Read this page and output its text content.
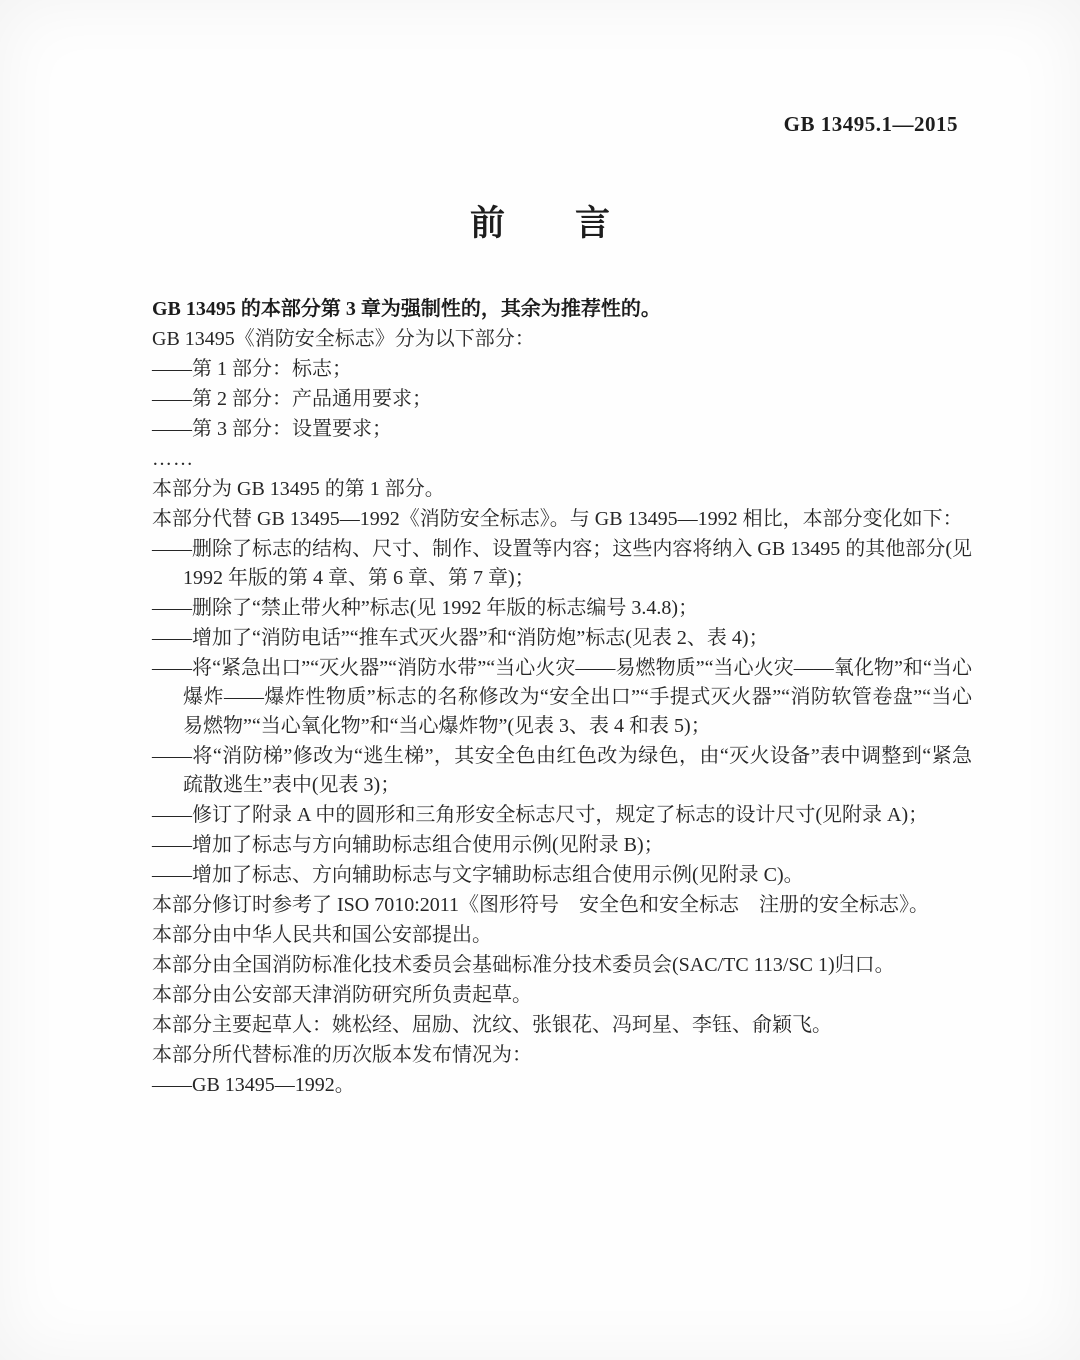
GB 13495.1—2015
前　　言

GB 13495 的本部分第 3 章为强制性的，其余为推荐性的。

GB 13495《消防安全标志》分为以下部分：

——第 1 部分：标志；

——第 2 部分：产品通用要求；

——第 3 部分：设置要求；

……

本部分为 GB 13495 的第 1 部分。

本部分代替 GB 13495—1992《消防安全标志》。与 GB 13495—1992 相比，本部分变化如下：

——删除了标志的结构、尺寸、制作、设置等内容；这些内容将纳入 GB 13495 的其他部分(见 1992 年版的第 4 章、第 6 章、第 7 章)；

——删除了“禁止带火种”标志(见 1992 年版的标志编号 3.4.8)；

——增加了“消防电话”“推车式灭火器”和“消防炮”标志(见表 2、表 4)；

——将“紧急出口”“灭火器”“消防水带”“当心火灾——易燃物质”“当心火灾——氧化物”和“当心爆炸——爆炸性物质”标志的名称修改为“安全出口”“手提式灭火器”“消防软管卷盘”“当心易燃物”“当心氧化物”和“当心爆炸物”(见表 3、表 4 和表 5)；

——将“消防梯”修改为“逃生梯”，其安全色由红色改为绿色，由“灭火设备”表中调整到“紧急疏散逃生”表中(见表 3)；

——修订了附录 A 中的圆形和三角形安全标志尺寸，规定了标志的设计尺寸(见附录 A)；

——增加了标志与方向辅助标志组合使用示例(见附录 B)；

——增加了标志、方向辅助标志与文字辅助标志组合使用示例(见附录 C)。

本部分修订时参考了 ISO 7010:2011《图形符号　安全色和安全标志　注册的安全标志》。

本部分由中华人民共和国公安部提出。

本部分由全国消防标准化技术委员会基础标准分技术委员会(SAC/TC 113/SC 1)归口。

本部分由公安部天津消防研究所负责起草。

本部分主要起草人：姚松经、屈励、沈纹、张银花、冯珂星、李钰、俞颖飞。

本部分所代替标准的历次版本发布情况为：

——GB 13495—1992。
